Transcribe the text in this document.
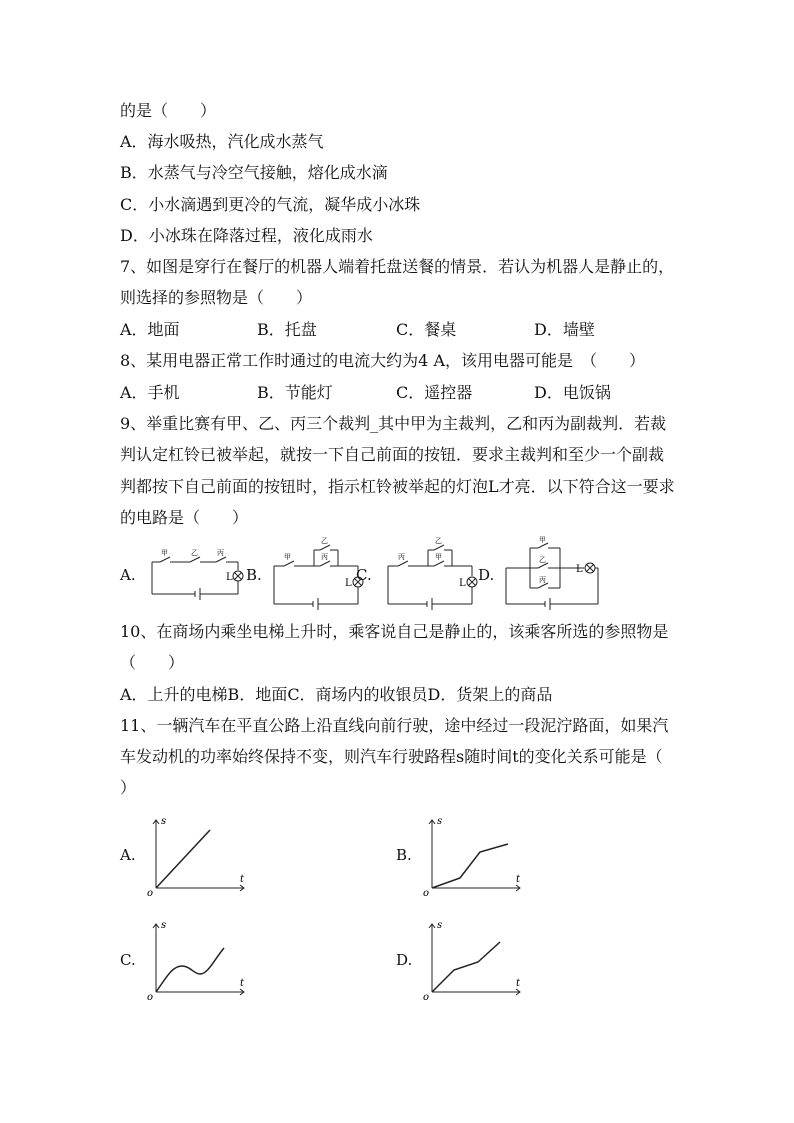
的是（　　）
A．海水吸热，汽化成水蒸气
B．水蒸气与冷空气接触，熔化成水滴
C．小水滴遇到更冷的气流，凝华成小冰珠
D．小冰珠在降落过程，液化成雨水
7、如图是穿行在餐厅的机器人端着托盘送餐的情景．若认为机器人是静止的，
则选择的参照物是（　　）
A．地面	B．托盘	C．餐桌	D．墙壁
8、某用电器正常工作时通过的电流大约为4 A，该用电器可能是　（　　）
A．手机	B．节能灯	C．遥控器	D．电饭锅
9、举重比赛有甲、乙、丙三个裁判_其中甲为主裁判，乙和丙为副裁判．若裁
判认定杠铃已被举起，就按一下自己前面的按钮．要求主裁判和至少一个副裁
判都按下自己前面的按钮时，指示杠铃被举起的灯泡L才亮．以下符合这一要求
的电路是（　　）
A.	B.	C.	D.
甲	乙	丙
L
甲
乙
丙
L
丙
乙
甲
L
甲
乙
丙
L
10、在商场内乘坐电梯上升时，乘客说自己是静止的，该乘客所选的参照物是
（　　）
A．上升的电梯B．地面C．商场内的收银员D．货架上的商品
11、一辆汽车在平直公路上沿直线向前行驶，途中经过一段泥泞路面，如果汽
车发动机的功率始终保持不变，则汽车行驶路程s随时间t的变化关系可能是（
）
A.	B.
C.	D.
s
t
o
s
t
o
s
t
o
s
t
o
